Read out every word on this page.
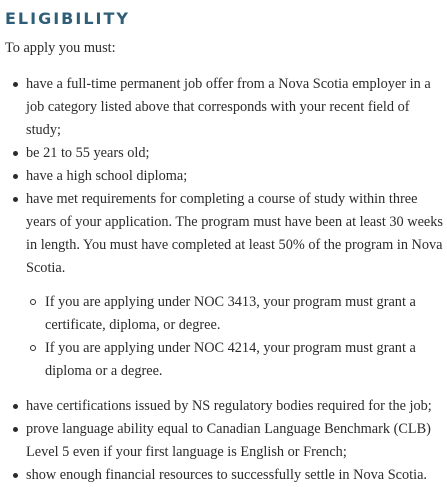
ELIGIBILITY

To apply you must:

have a full-time permanent job offer from a Nova Scotia employer in a job category listed above that corresponds with your recent field of study;
be 21 to 55 years old;
have a high school diploma;
have met requirements for completing a course of study within three years of your application. The program must have been at least 30 weeks in length. You must have completed at least 50% of the program in Nova Scotia.
If you are applying under NOC 3413, your program must grant a certificate, diploma, or degree.
If you are applying under NOC 4214, your program must grant a diploma or a degree.
have certifications issued by NS regulatory bodies required for the job;
prove language ability equal to Canadian Language Benchmark (CLB) Level 5 even if your first language is English or French;
show enough financial resources to successfully settle in Nova Scotia.
